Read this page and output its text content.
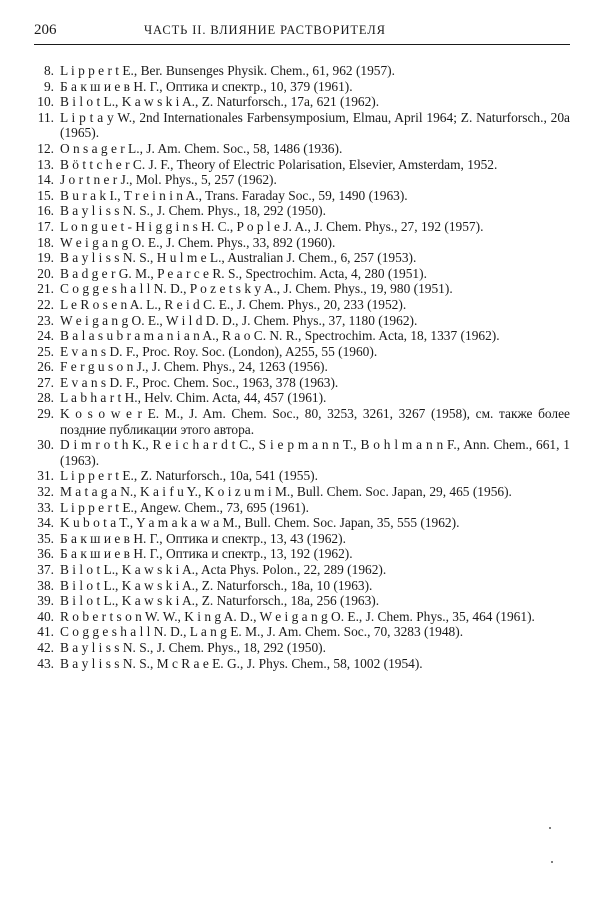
206	ЧАСТЬ II. ВЛИЯНИЕ РАСТВОРИТЕЛЯ
8. L i p p e r t E., Ber. Bunsenges Physik. Chem., 61, 962 (1957).
9. Б а к ш и е в Н. Г., Оптика и спектр., 10, 379 (1961).
10. B i l o t L., K a w s k i A., Z. Naturforsch., 17a, 621 (1962).
11. L i p t a y W., 2nd Internationales Farbensymposium, Elmau, April 1964; Z. Naturforsch., 20a (1965).
12. O n s a g e r L., J. Am. Chem. Soc., 58, 1486 (1936).
13. B ö t t c h e r C. J. F., Theory of Electric Polarisation, Elsevier, Amsterdam, 1952.
14. J o r t n e r J., Mol. Phys., 5, 257 (1962).
15. B u r a k I., T r e i n i n A., Trans. Faraday Soc., 59, 1490 (1963).
16. B a y l i s s N. S., J. Chem. Phys., 18, 292 (1950).
17. L o n g u e t - H i g g i n s H. C., P o p l e J. A., J. Chem. Phys., 27, 192 (1957).
18. W e i g a n g O. E., J. Chem. Phys., 33, 892 (1960).
19. B a y l i s s N. S., H u l m e L., Australian J. Chem., 6, 257 (1953).
20. B a d g e r G. M., P e a r c e R. S., Spectrochim. Acta, 4, 280 (1951).
21. C o g g e s h a l l N. D., P o z e t s k y A., J. Chem. Phys., 19, 980 (1951).
22. L e R o s e n A. L., R e i d C. E., J. Chem. Phys., 20, 233 (1952).
23. W e i g a n g O. E., W i l d D. D., J. Chem. Phys., 37, 1180 (1962).
24. B a l a s u b r a m a n i a n A., R a o C. N. R., Spectrochim. Acta, 18, 1337 (1962).
25. E v a n s D. F., Proc. Roy. Soc. (London), A255, 55 (1960).
26. F e r g u s o n J., J. Chem. Phys., 24, 1263 (1956).
27. E v a n s D. F., Proc. Chem. Soc., 1963, 378 (1963).
28. L a b h a r t H., Helv. Chim. Acta, 44, 457 (1961).
29. K o s o w e r E. M., J. Am. Chem. Soc., 80, 3253, 3261, 3267 (1958), см. также более поздние публикации этого автора.
30. D i m r o t h K., R e i c h a r d t C., S i e p m a n n T., B o h l m a n n F., Ann. Chem., 661, 1 (1963).
31. L i p p e r t E., Z. Naturforsch., 10a, 541 (1955).
32. M a t a g a N., K a i f u Y., K o i z u m i M., Bull. Chem. Soc. Japan, 29, 465 (1956).
33. L i p p e r t E., Angew. Chem., 73, 695 (1961).
34. K u b o t a T., Y a m a k a w a M., Bull. Chem. Soc. Japan, 35, 555 (1962).
35. Б а к ш и е в Н. Г., Оптика и спектр., 13, 43 (1962).
36. Б а к ш и е в Н. Г., Оптика и спектр., 13, 192 (1962).
37. B i l o t L., K a w s k i A., Acta Phys. Polon., 22, 289 (1962).
38. B i l o t L., K a w s k i A., Z. Naturforsch., 18a, 10 (1963).
39. B i l o t L., K a w s k i A., Z. Naturforsch., 18a, 256 (1963).
40. R o b e r t s o n W. W., K i n g A. D., W e i g a n g O. E., J. Chem. Phys., 35, 464 (1961).
41. C o g g e s h a l l N. D., L a n g E. M., J. Am. Chem. Soc., 70, 3283 (1948).
42. B a y l i s s N. S., J. Chem. Phys., 18, 292 (1950).
43. B a y l i s s N. S., M c R a e E. G., J. Phys. Chem., 58, 1002 (1954).
